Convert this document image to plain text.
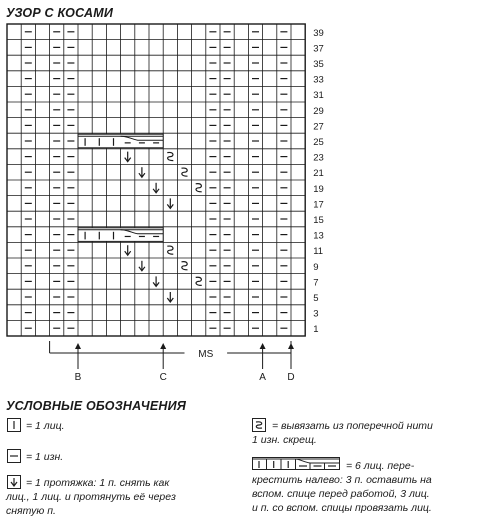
39
37
35
33
31
29
27
25
23
21
19
17
15
13
11
9
7
5
3
1
MS
B	C	A D
УЗОР С КОСАМИ
УСЛОВНЫЕ ОБОЗНАЧЕНИЯ
= 1 лиц.
= 1 изн.
= 1 протяжка: 1 п. снять как
лиц., 1 лиц. и протянуть её через
снятую п.
= вывязать из поперечной нити
1 изн. скрещ.
= 6 лиц. пере-
крестить налево: 3 п. оставить на
вспом. спице перед работой, 3 лиц.
и п. со вспом. спицы провязать лиц.
